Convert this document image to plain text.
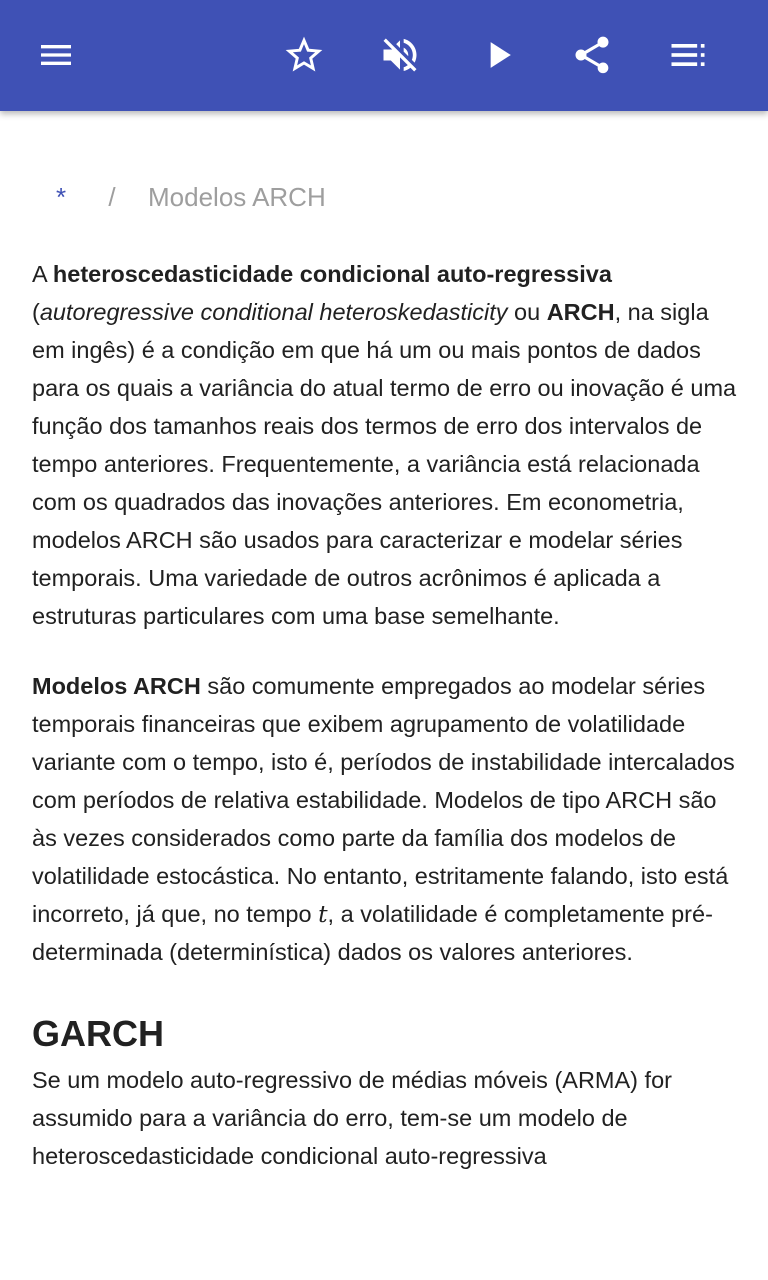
* / Modelos ARCH

A heteroscedasticidade condicional auto-regressiva (autoregressive conditional heteroskedasticity ou ARCH, na sigla em ingês) é a condição em que há um ou mais pontos de dados para os quais a variância do atual termo de erro ou inovação é uma função dos tamanhos reais dos termos de erro dos intervalos de tempo anteriores. Frequentemente, a variância está relacionada com os quadrados das inovações anteriores. Em econometria, modelos ARCH são usados para caracterizar e modelar séries temporais. Uma variedade de outros acrônimos é aplicada a estruturas particulares com uma base semelhante.

Modelos ARCH são comumente empregados ao modelar séries temporais financeiras que exibem agrupamento de volatilidade variante com o tempo, isto é, períodos de instabilidade intercalados com períodos de relativa estabilidade. Modelos de tipo ARCH são às vezes considerados como parte da família dos modelos de volatilidade estocástica. No entanto, estritamente falando, isto está incorreto, já que, no tempo t, a volatilidade é completamente pré-determinada (determinística) dados os valores anteriores.

GARCH

Se um modelo auto-regressivo de médias móveis (ARMA) for assumido para a variância do erro, tem-se um modelo de heteroscedasticidade condicional auto-regressiva
